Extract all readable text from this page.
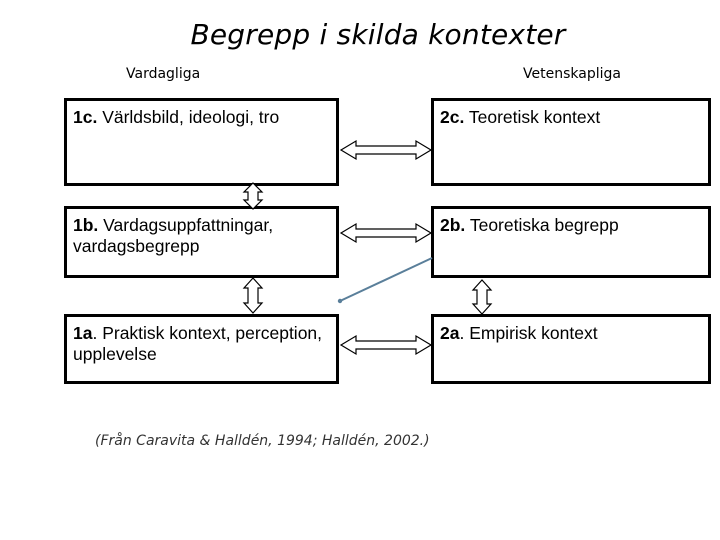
Begrepp i skilda kontexter
Vardagliga	Vetenskapliga
1c. Världsbild, ideologi, tro
1b. Vardagsuppfattningar, vardagsbegrepp
1a. Praktisk kontext, perception, upplevelse
2c. Teoretisk kontext
2b. Teoretiska begrepp
2a. Empirisk kontext
(Från Caravita & Halldén, 1994; Halldén, 2002.)
